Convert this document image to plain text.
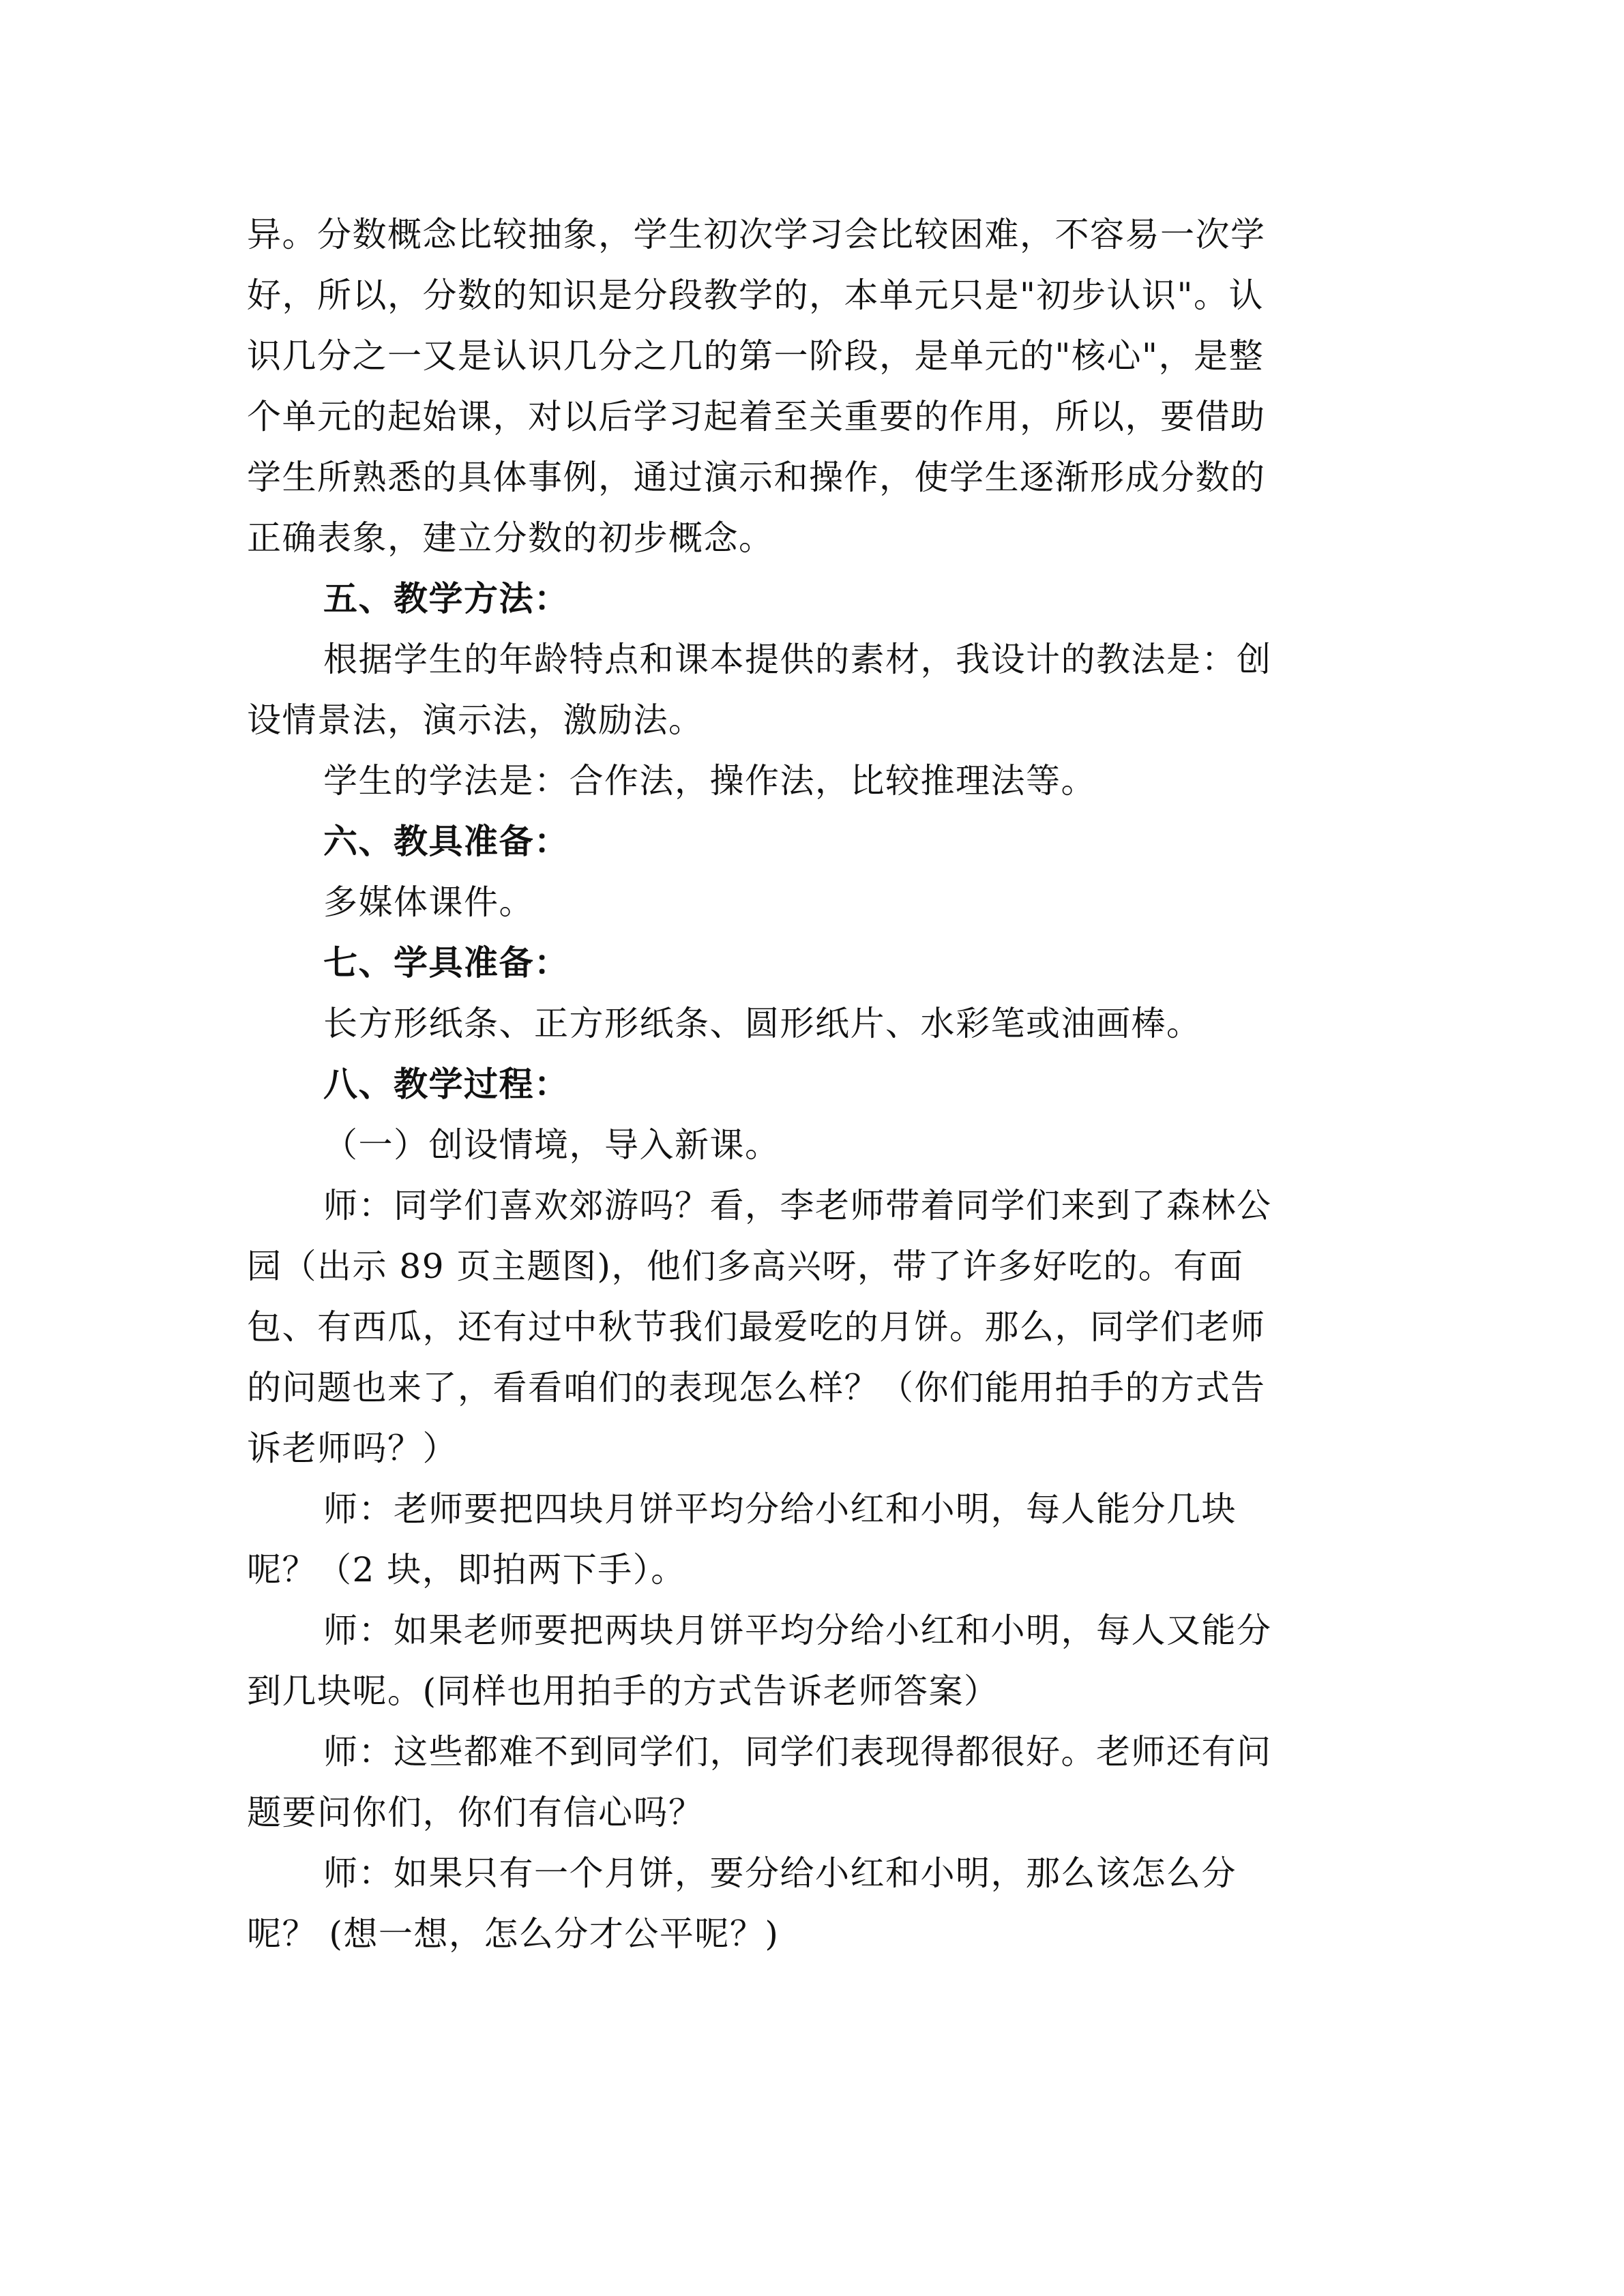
异。分数概念比较抽象，学生初次学习会比较困难，不容易一次学
好，所以，分数的知识是分段教学的，本单元只是"初步认识"。认
识几分之一又是认识几分之几的第一阶段，是单元的"核心"，是整
个单元的起始课，对以后学习起着至关重要的作用，所以，要借助
学生所熟悉的具体事例，通过演示和操作，使学生逐渐形成分数的
正确表象，建立分数的初步概念。
五、教学方法：
根据学生的年龄特点和课本提供的素材，我设计的教法是：创
设情景法，演示法，激励法。
学生的学法是：合作法，操作法，比较推理法等。
六、教具准备：
多媒体课件。
七、学具准备：
长方形纸条、正方形纸条、圆形纸片、水彩笔或油画棒。
八、教学过程：
（一）创设情境，导入新课。
师：同学们喜欢郊游吗？看，李老师带着同学们来到了森林公
园（出示 89 页主题图)，他们多高兴呀，带了许多好吃的。有面
包、有西瓜，还有过中秋节我们最爱吃的月饼。那么，同学们老师
的问题也来了，看看咱们的表现怎么样？（你们能用拍手的方式告
诉老师吗？）
师：老师要把四块月饼平均分给小红和小明，每人能分几块
呢？（2 块，即拍两下手）。
师：如果老师要把两块月饼平均分给小红和小明，每人又能分
到几块呢。(同样也用拍手的方式告诉老师答案）
师：这些都难不到同学们，同学们表现得都很好。老师还有问
题要问你们，你们有信心吗？
师：如果只有一个月饼，要分给小红和小明，那么该怎么分
呢？ (想一想，怎么分才公平呢？)
